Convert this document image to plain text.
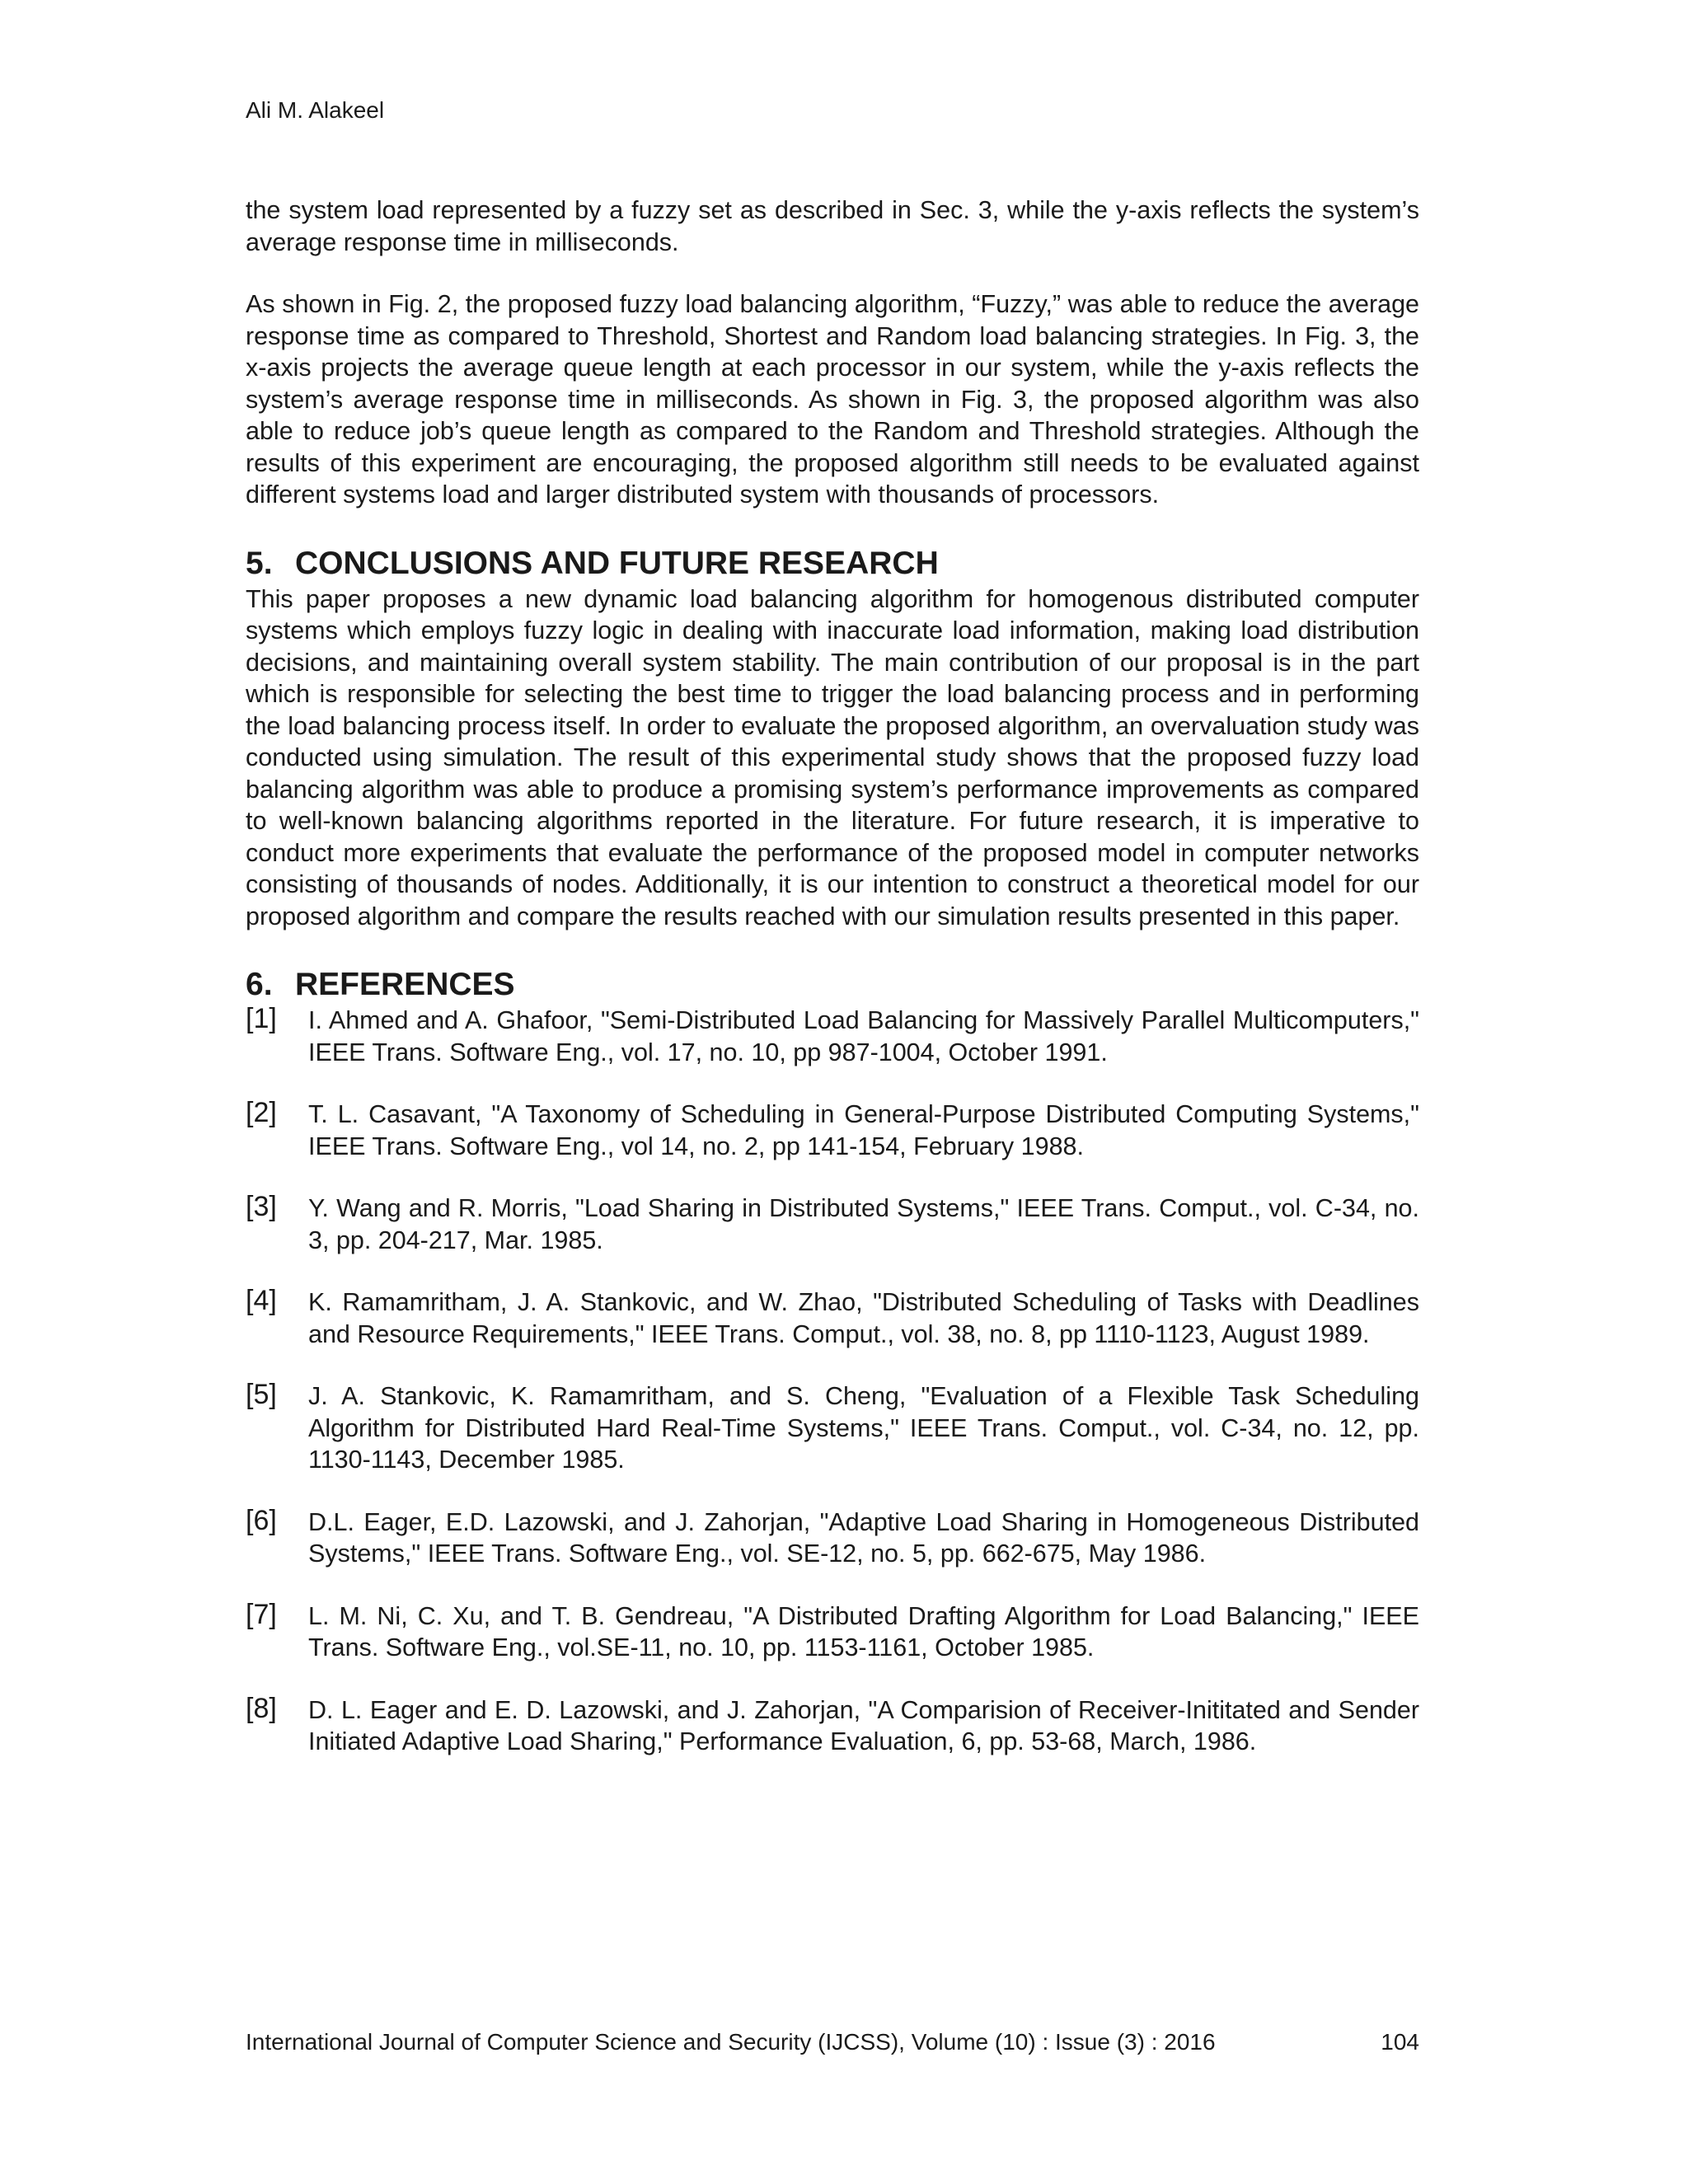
Ali M. Alakeel

the system load represented by a fuzzy set as described in Sec. 3, while the y-axis reflects the system’s average response time in milliseconds.

As shown in Fig. 2, the proposed fuzzy load balancing algorithm, “Fuzzy,” was able to reduce the average response time as compared to Threshold, Shortest and Random load balancing strategies. In Fig. 3, the x-axis projects the average queue length at each processor in our system, while the y-axis reflects the system’s average response time in milliseconds. As shown in Fig. 3, the proposed algorithm was also able to reduce job’s queue length as compared to the Random and Threshold strategies. Although the results of this experiment are encouraging, the proposed algorithm still needs to be evaluated against different systems load and larger distributed system with thousands of processors.

5. CONCLUSIONS AND FUTURE RESEARCH

This paper proposes a new dynamic load balancing algorithm for homogenous distributed computer systems which employs fuzzy logic in dealing with inaccurate load information, making load distribution decisions, and maintaining overall system stability. The main contribution of our proposal is in the part which is responsible for selecting the best time to trigger the load balancing process and in performing the load balancing process itself. In order to evaluate the proposed algorithm, an overvaluation study was conducted using simulation. The result of this experimental study shows that the proposed fuzzy load balancing algorithm was able to produce a promising system’s performance improvements as compared to well-known balancing algorithms reported in the literature. For future research, it is imperative to conduct more experiments that evaluate the performance of the proposed model in computer networks consisting of thousands of nodes. Additionally, it is our intention to construct a theoretical model for our proposed algorithm and compare the results reached with our simulation results presented in this paper.

6. REFERENCES
[1] I. Ahmed and A. Ghafoor, "Semi-Distributed Load Balancing for Massively Parallel Multicomputers," IEEE Trans. Software Eng., vol. 17, no. 10, pp 987-1004, October 1991.
[2] T. L. Casavant, "A Taxonomy of Scheduling in General-Purpose Distributed Computing Systems," IEEE Trans. Software Eng., vol 14, no. 2, pp 141-154, February 1988.
[3] Y. Wang and R. Morris, "Load Sharing in Distributed Systems," IEEE Trans. Comput., vol. C-34, no. 3, pp. 204-217, Mar. 1985.
[4] K. Ramamritham, J. A. Stankovic, and W. Zhao, "Distributed Scheduling of Tasks with Deadlines and Resource Requirements," IEEE Trans. Comput., vol. 38, no. 8, pp 1110-1123, August 1989.
[5] J. A. Stankovic, K. Ramamritham, and S. Cheng, "Evaluation of a Flexible Task Scheduling Algorithm for Distributed Hard Real-Time Systems," IEEE Trans. Comput., vol. C-34, no. 12, pp. 1130-1143, December 1985.
[6] D.L. Eager, E.D. Lazowski, and J. Zahorjan, "Adaptive Load Sharing in Homogeneous Distributed Systems," IEEE Trans. Software Eng., vol. SE-12, no. 5, pp. 662-675, May 1986.
[7] L. M. Ni, C. Xu, and T. B. Gendreau, "A Distributed Drafting Algorithm for Load Balancing," IEEE Trans. Software Eng., vol.SE-11, no. 10, pp. 1153-1161, October 1985.
[8] D. L. Eager and E. D. Lazowski, and J. Zahorjan, "A Comparision of Receiver-Inititated and Sender Initiated Adaptive Load Sharing," Performance Evaluation, 6, pp. 53-68, March, 1986.
International Journal of Computer Science and Security (IJCSS), Volume (10) : Issue (3) : 2016	104
